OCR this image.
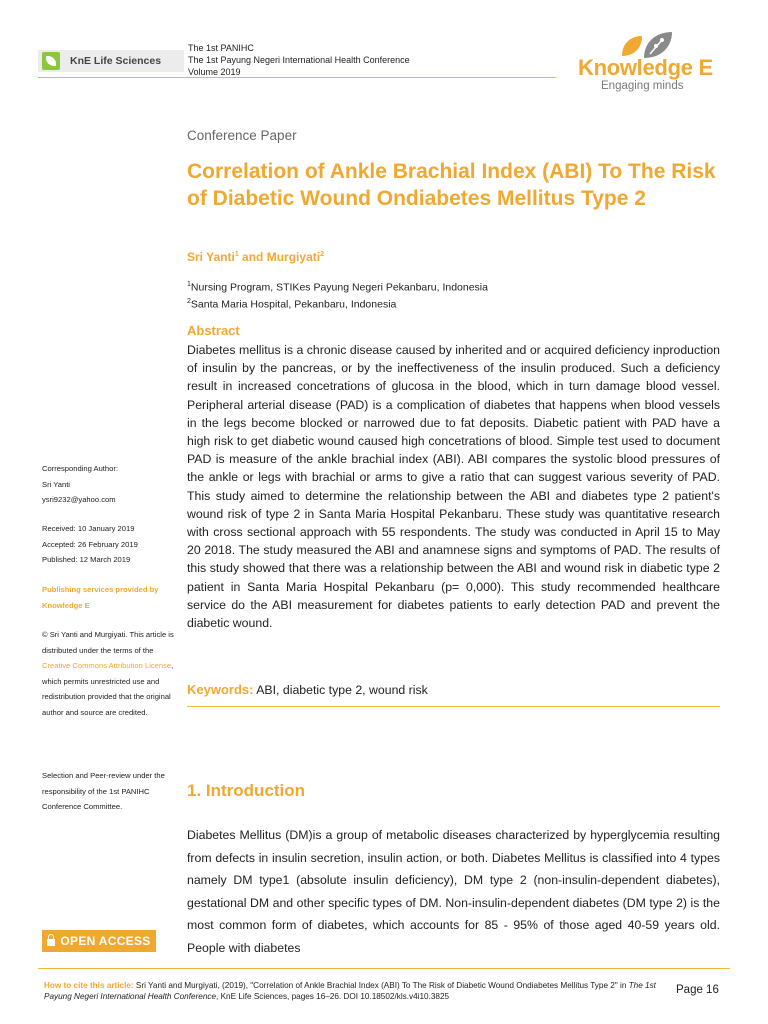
KnE Life Sciences
The 1st PANIHC
The 1st Payung Negeri International Health Conference
Volume 2019	Knowledge E
Engaging minds
Conference Paper
Correlation of Ankle Brachial Index (ABI) To The Risk of Diabetic Wound Ondiabetes Mellitus Type 2
Sri Yanti$^1$ and Murgiyati$^2$
$^1$Nursing Program, STIKes Payung Negeri Pekanbaru, Indonesia
$^2$Santa Maria Hospital, Pekanbaru, Indonesia
Abstract
Diabetes mellitus is a chronic disease caused by inherited and or acquired deficiency inproduction of insulin by the pancreas, or by the ineffectiveness of the insulin produced. Such a deficiency result in increased concetrations of glucosa in the blood, which in turn damage blood vessel. Peripheral arterial disease (PAD) is a complication of diabetes that happens when blood vessels in the legs become blocked or narrowed due to fat deposits. Diabetic patient with PAD have a high risk to get diabetic wound caused high concetrations of blood. Simple test used to document PAD is measure of the ankle brachial index (ABI). ABI compares the systolic blood pressures of the ankle or legs with brachial or arms to give a ratio that can suggest various severity of PAD. This study aimed to determine the relationship between the ABI and diabetes type 2 patient's wound risk of type 2 in Santa Maria Hospital Pekanbaru. These study was quantitative research with cross sectional approach with 55 respondents. The study was conducted in April 15 to May 20 2018. The study measured the ABI and anamnese signs and symptoms of PAD. The results of this study showed that there was a relationship between the ABI and wound risk in diabetic type 2 patient in Santa Maria Hospital Pekanbaru (p= 0,000). This study recommended healthcare service do the ABI measurement for diabetes patients to early detection PAD and prevent the diabetic wound.
Keywords: ABI, diabetic type 2, wound risk
1. Introduction
Diabetes Mellitus (DM)is a group of metabolic diseases characterized by hyperglycemia resulting from defects in insulin secretion, insulin action, or both. Diabetes Mellitus is classified into 4 types namely DM type1 (absolute insulin deficiency), DM type 2 (non-insulin-dependent diabetes), gestational DM and other specific types of DM. Non-insulin-dependent diabetes (DM type 2) is the most common form of diabetes, which accounts for 85 - 95% of those aged 40-59 years old. People with diabetes
Corresponding Author:
Sri Yanti
ysri9232@yahoo.com
Received: 10 January 2019
Accepted: 26 February 2019
Published: 12 March 2019
Publishing services provided by Knowledge E
© Sri Yanti and Murgiyati. This article is distributed under the terms of the Creative Commons Attribution License, which permits unrestricted use and redistribution provided that the original author and source are credited.
Selection and Peer-review under the responsibility of the 1st PANIHC Conference Committee.
OPEN ACCESS
How to cite this article: Sri Yanti and Murgiyati, (2019), "Correlation of Ankle Brachial Index (ABI) To The Risk of Diabetic Wound Ondiabetes Mellitus Type 2" in The 1st Payung Negeri International Health Conference, KnE Life Sciences, pages 16–26. DOI 10.18502/kls.v4i10.3825
Page 16
